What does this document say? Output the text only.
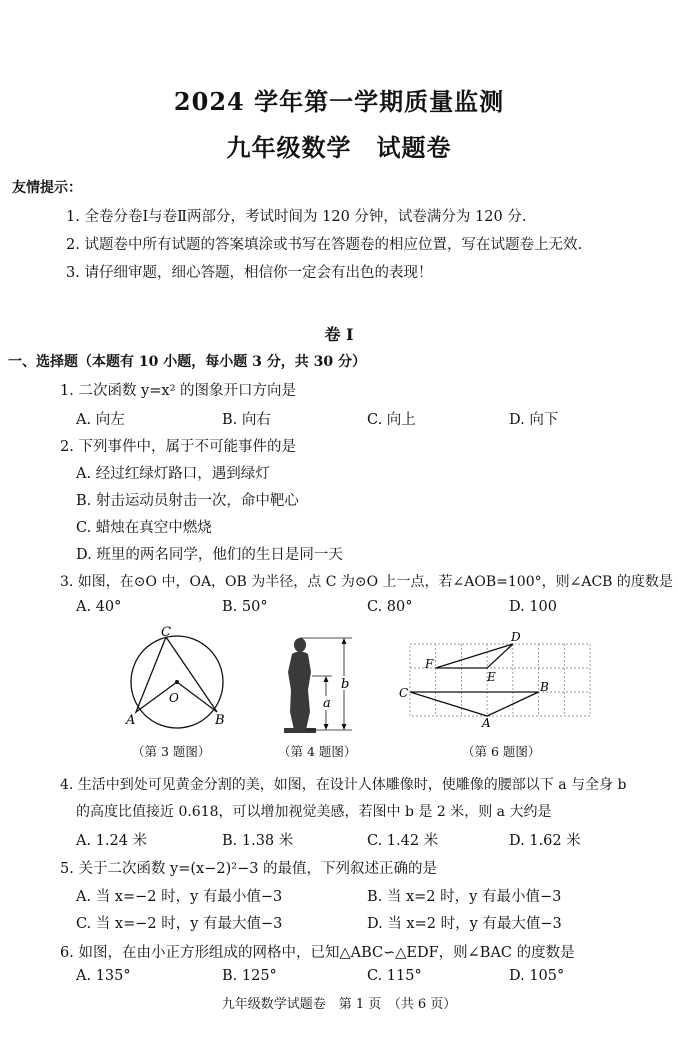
2024 学年第一学期质量监测
九年级数学　试题卷
友情提示：
1. 全卷分卷Ⅰ与卷Ⅱ两部分，考试时间为 120 分钟，试卷满分为 120 分.
2. 试题卷中所有试题的答案填涂或书写在答题卷的相应位置，写在试题卷上无效.
3. 请仔细审题，细心答题，相信你一定会有出色的表现！
卷 Ⅰ
一、选择题（本题有 10 小题，每小题 3 分，共 30 分）
1. 二次函数 y=x² 的图象开口方向是
A. 向左	B. 向右	C. 向上	D. 向下
2. 下列事件中，属于不可能事件的是
A. 经过红绿灯路口，遇到绿灯
B. 射击运动员射击一次，命中靶心
C. 蜡烛在真空中燃烧
D. 班里的两名同学，他们的生日是同一天
3. 如图，在⊙O 中，OA，OB 为半径，点 C 为⊙O 上一点，若∠AOB=100°，则∠ACB 的度数是
A. 40°	B. 50°	C. 80°	D. 100
C
O
A	B
（第 3 题图）
b
a
（第 4 题图）
D
F
E
C	B
A
（第 6 题图）
4. 生活中到处可见黄金分割的美，如图，在设计人体雕像时，使雕像的腰部以下 a 与全身 b
的高度比值接近 0.618，可以增加视觉美感，若图中 b 是 2 米，则 a 大约是
A. 1.24 米	B. 1.38 米	C. 1.42 米	D. 1.62 米
5. 关于二次函数 y=(x−2)²−3 的最值，下列叙述正确的是
A. 当 x=−2 时，y 有最小值−3	B. 当 x=2 时，y 有最小值−3
C. 当 x=−2 时，y 有最大值−3	D. 当 x=2 时，y 有最大值−3
6. 如图，在由小正方形组成的网格中，已知△ABC∽△EDF，则∠BAC 的度数是
A. 135°	B. 125°	C. 115°	D. 105°
九年级数学试题卷　第 1 页　（共 6 页）
